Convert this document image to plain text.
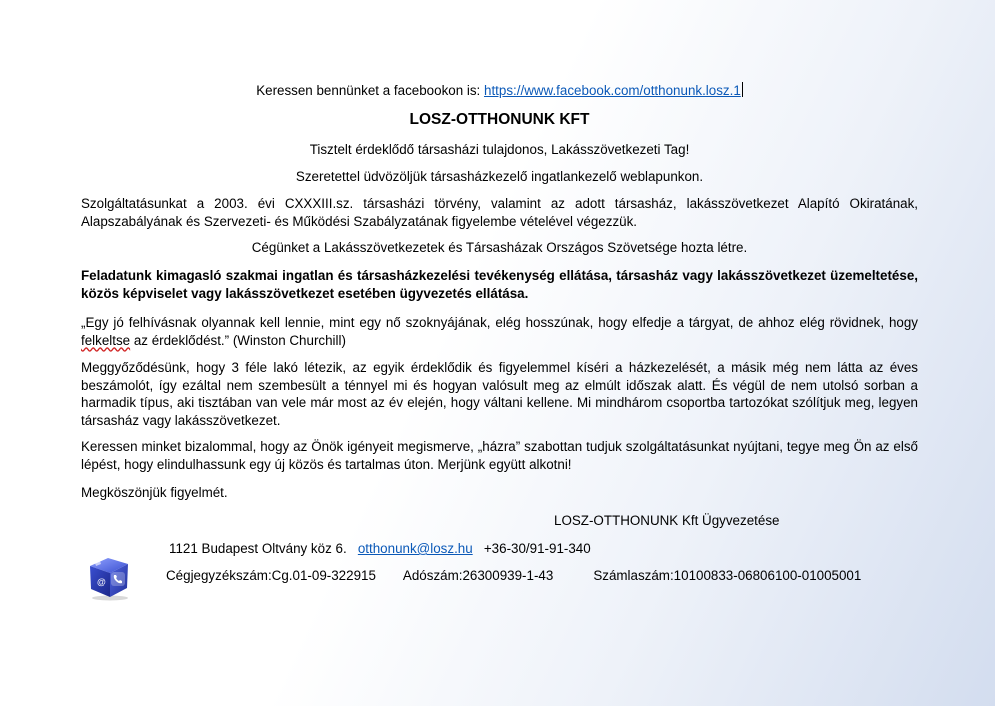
Keressen bennünket a facebookon is: https://www.facebook.com/otthonunk.losz.1

LOSZ-OTTHONUNK KFT

Tisztelt érdeklődő társasházi tulajdonos, Lakásszövetkezeti Tag!

Szeretettel üdvözöljük társasházkezelő ingatlankezelő weblapunkon.

Szolgáltatásunkat a 2003. évi CXXXIII.sz. társasházi törvény, valamint az adott társasház, lakásszövetkezet Alapító Okiratának, Alapszabályának és Szervezeti- és Működési Szabályzatának figyelembe vételével végezzük.

Cégünket a Lakásszövetkezetek és Társasházak Országos Szövetsége hozta létre.

Feladatunk kimagasló szakmai ingatlan és társasházkezelési tevékenység ellátása, társasház vagy lakásszövetkezet üzemeltetése, közös képviselet vagy lakásszövetkezet esetében ügyvezetés ellátása.

„Egy jó felhívásnak olyannak kell lennie, mint egy nő szoknyájának, elég hosszúnak, hogy elfedje a tárgyat, de ahhoz elég rövidnek, hogy felkeltse az érdeklődést.” (Winston Churchill)

Meggyőződésünk, hogy 3 féle lakó létezik, az egyik érdeklődik és figyelemmel kíséri a házkezelését, a másik még nem látta az éves beszámolót, így ezáltal nem szembesült a ténnyel mi és hogyan valósult meg az elmúlt időszak alatt. És végül de nem utolsó sorban a harmadik típus, aki tisztában van vele már most az év elején, hogy váltani kellene. Mi mindhárom csoportba tartozókat szólítjuk meg, legyen társasház vagy lakásszövetkezet.

Keressen minket bizalommal, hogy az Önök igényeit megismerve, „házra” szabottan tudjuk szolgáltatásunkat nyújtani, tegye meg Ön az első lépést, hogy elindulhassunk egy új közös és tartalmas úton. Merjünk együtt alkotni!

Megköszönjük figyelmét.

LOSZ-OTTHONUNK Kft Ügyvezetése

1121 Budapest Oltvány köz 6. otthonunk@losz.hu +36-30/91-91-340

Cégjegyzékszám:Cg.01-09-322915 Adószám:26300939-1-43	Számlaszám:10100833-06806100-01005001

@
